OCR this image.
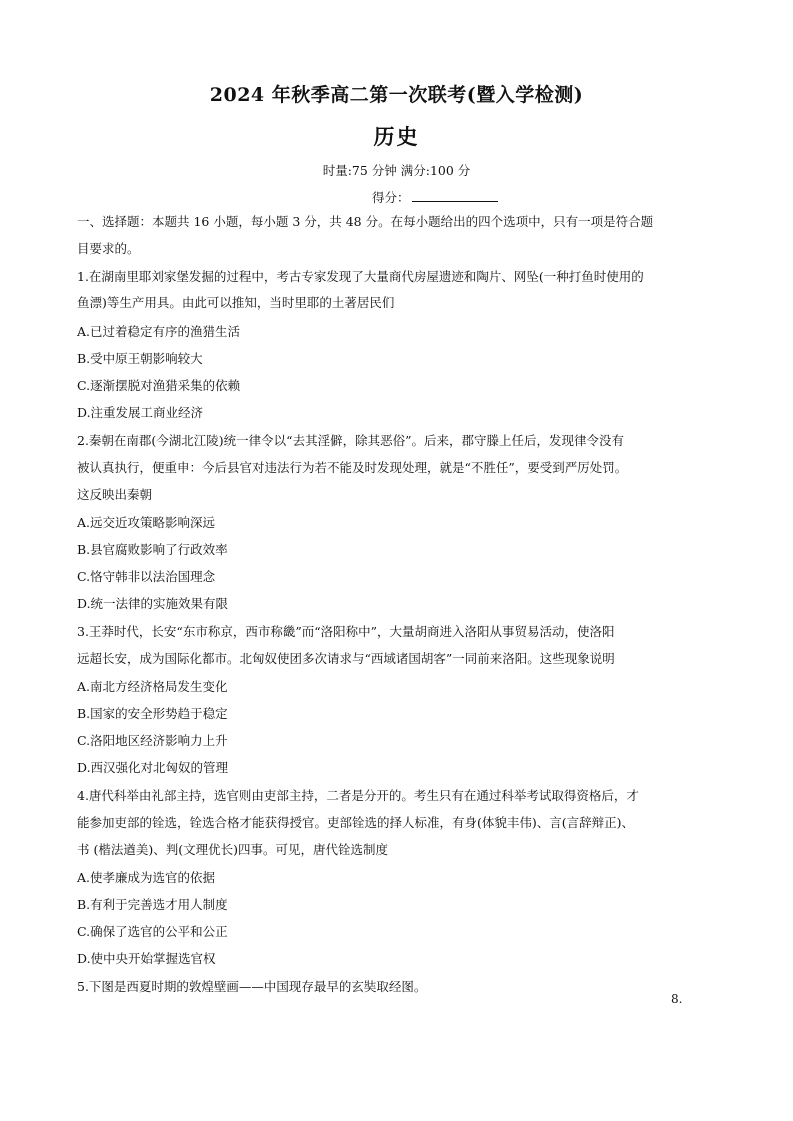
2024 年秋季高二第一次联考(暨入学检测)
历史
时量:75 分钟 满分:100 分
得分：
一、选择题：本题共 16 小题，每小题 3 分，共 48 分。在每小题给出的四个选项中，只有一项是符合题
目要求的。
1.在湖南里耶刘家堡发掘的过程中，考古专家发现了大量商代房屋遗迹和陶片、网坠(一种打鱼时使用的
鱼漂)等生产用具。由此可以推知，当时里耶的土著居民们
A.已过着稳定有序的渔猎生活
B.受中原王朝影响较大
C.逐渐摆脱对渔猎采集的依赖
D.注重发展工商业经济
2.秦朝在南郡(今湖北江陵)统一律令以“去其淫僻，除其恶俗”。后来，郡守滕上任后，发现律令没有
被认真执行，便重申：今后县官对违法行为若不能及时发现处理，就是“不胜任”，要受到严厉处罚。
这反映出秦朝
A.远交近攻策略影响深远
B.县官腐败影响了行政效率
C.恪守韩非以法治国理念
D.统一法律的实施效果有限
3.王莽时代，长安“东市称京，西市称畿”而“洛阳称中”，大量胡商进入洛阳从事贸易活动，使洛阳
远超长安，成为国际化都市。北匈奴使团多次请求与“西域诸国胡客”一同前来洛阳。这些现象说明
A.南北方经济格局发生变化
B.国家的安全形势趋于稳定
C.洛阳地区经济影响力上升
D.西汉强化对北匈奴的管理
4.唐代科举由礼部主持，选官则由吏部主持，二者是分开的。考生只有在通过科举考试取得资格后，才
能参加吏部的铨选，铨选合格才能获得授官。吏部铨选的择人标准，有身(体貌丰伟)、言(言辞辩正)、
书 (楷法遒美)、判(文理优长)四事。可见，唐代铨选制度
A.使孝廉成为选官的依据
B.有利于完善选才用人制度
C.确保了选官的公平和公正
D.使中央开始掌握选官权
5.下图是西夏时期的敦煌壁画——中国现存最早的玄奘取经图。
8.
